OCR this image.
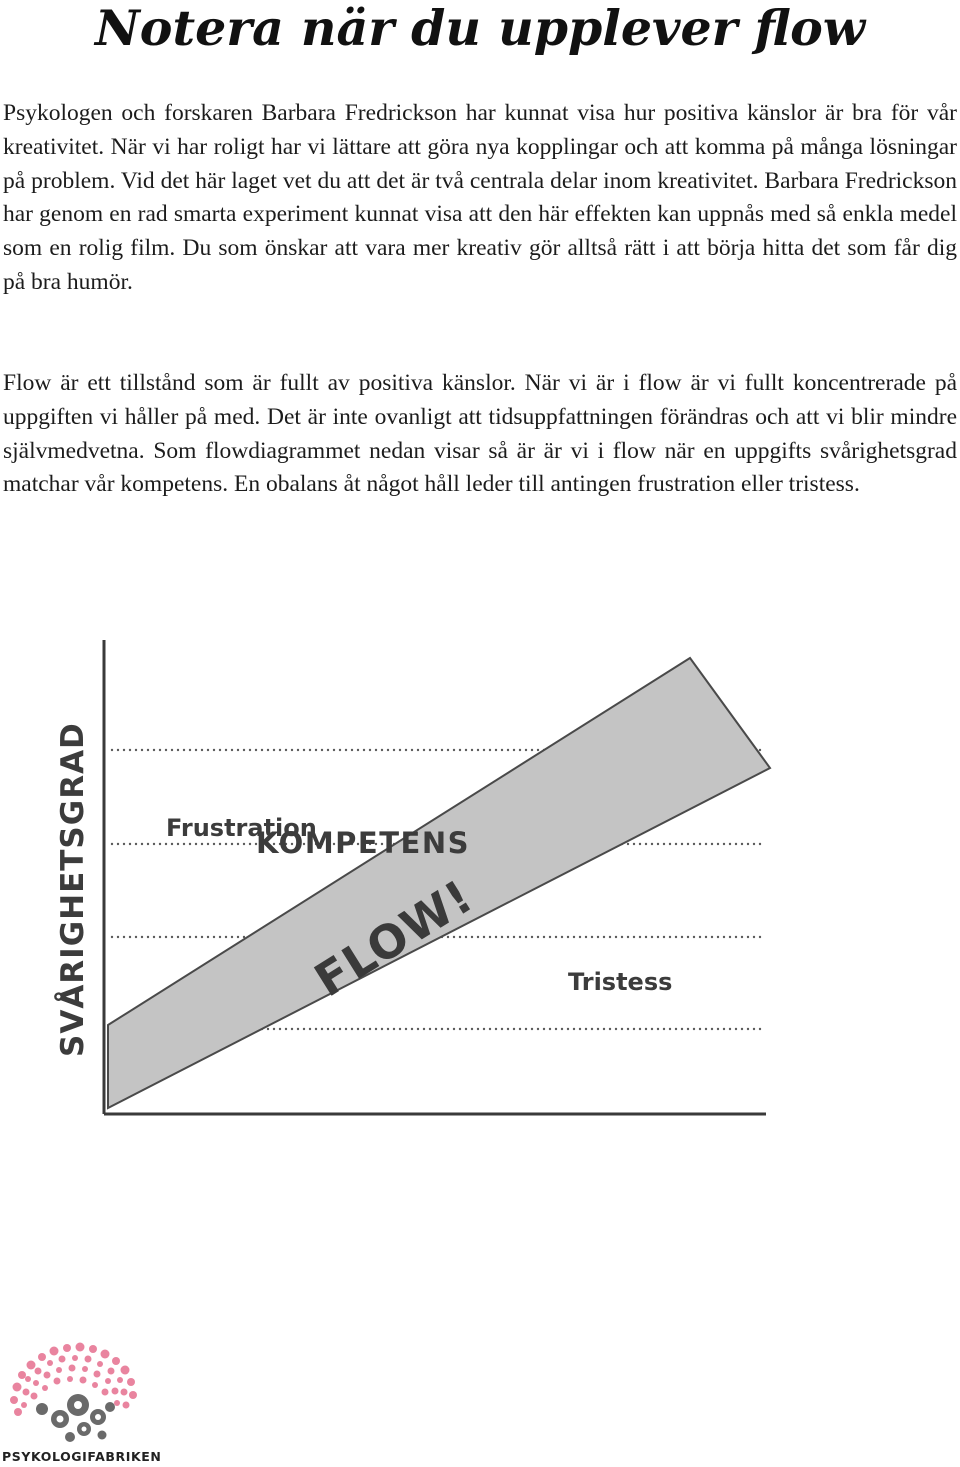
Notera när du upplever flow

Psykologen och forskaren Barbara Fredrickson har kunnat visa hur positiva känslor är bra för vår kreativitet. När vi har roligt har vi lättare att göra nya kopplingar och att komma på många lösningar på problem. Vid det här laget vet du att det är två centrala delar inom kreativitet. Barbara Fredrickson har genom en rad smarta experiment kunnat visa att den här effekten kan uppnås med så enkla medel som en rolig film. Du som önskar att vara mer kreativ gör alltså rätt i att börja hitta det som får dig på bra humör.

Flow är ett tillstånd som är fullt av positiva känslor. När vi är i flow är vi fullt koncentrerade på uppgiften vi håller på med. Det är inte ovanligt att tidsuppfattningen förändras och att vi blir mindre självmedvetna. Som flowdiagrammet nedan visar så är är vi i flow när en uppgifts svårighetsgrad matchar vår kompetens. En obalans åt något håll leder till antingen frustration eller tristess.

SVÅRIGHETSGRAD	KOMPETENS
Frustration
Tristess
FLOW!
PSYKOLOGIFABRIKEN
